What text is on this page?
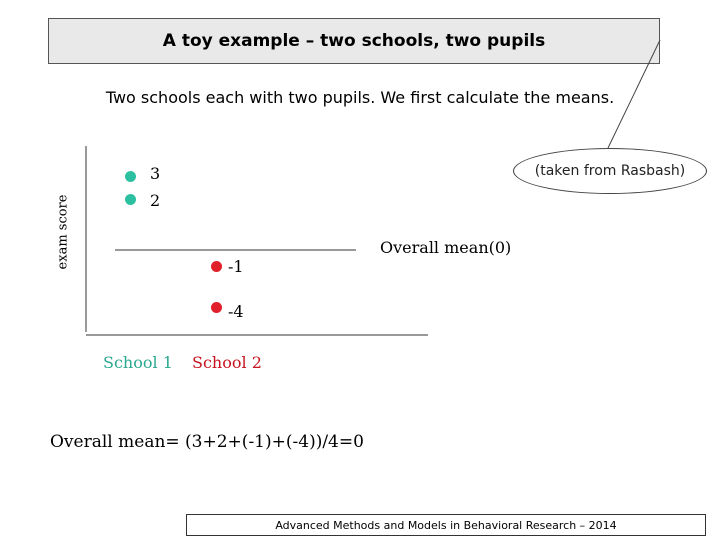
A toy example – two schools, two pupils
Two schools each with two pupils. We first calculate the means.
(taken from Rasbash)
exam score
3
2
-1
-4
Overall mean(0)
School 1 School 2
Overall mean= (3+2+(-1)+(-4))/4=0
Advanced Methods and Models in Behavioral Research – 2014
